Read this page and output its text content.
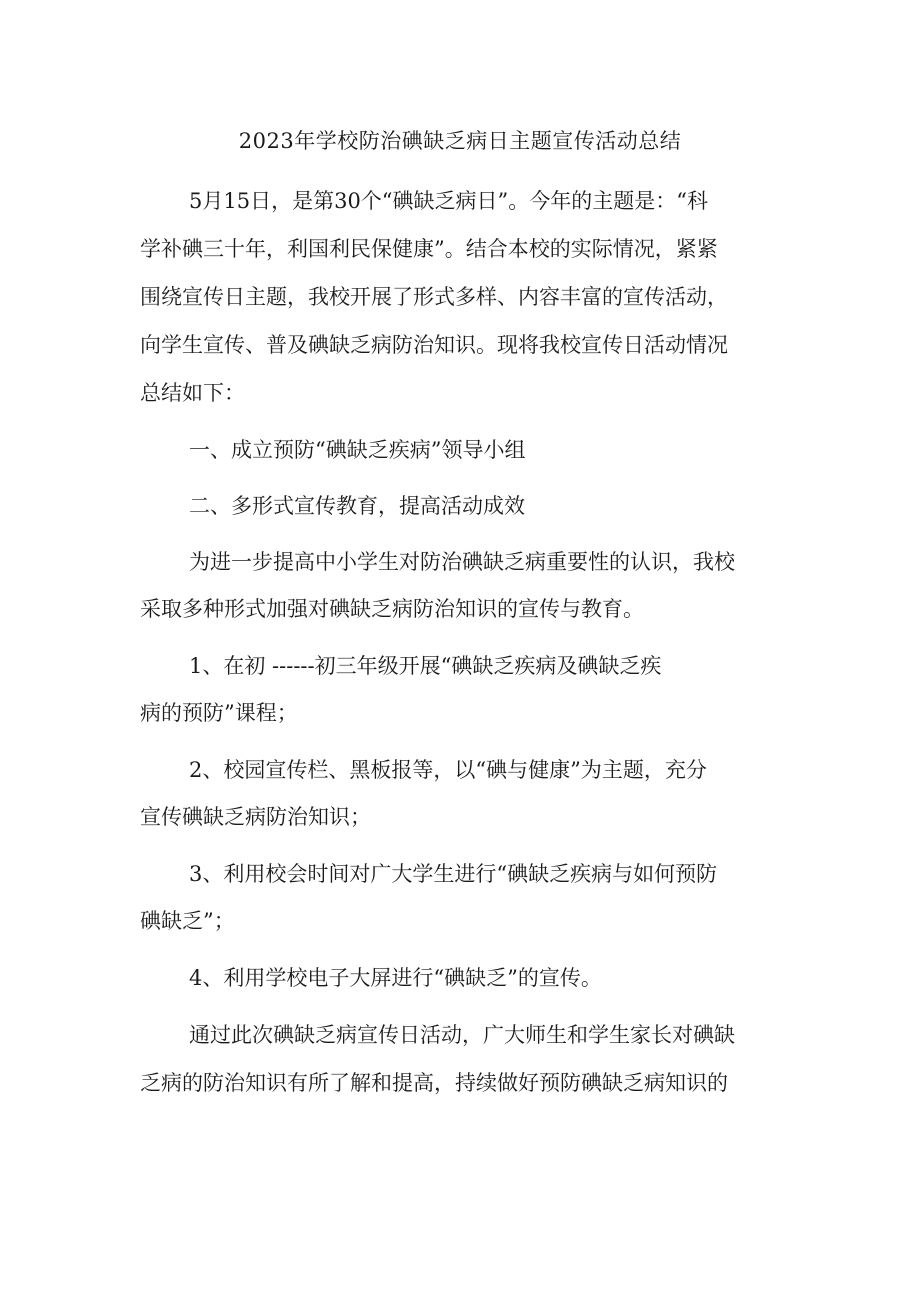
2023年学校防治碘缺乏病日主题宣传活动总结
5月15日，是第30个“碘缺乏病日”。今年的主题是：“科
学补碘三十年，利国利民保健康”。结合本校的实际情况，紧紧
围绕宣传日主题，我校开展了形式多样、内容丰富的宣传活动，
向学生宣传、普及碘缺乏病防治知识。现将我校宣传日活动情况
总结如下：
一、成立预防“碘缺乏疾病”领导小组
二、多形式宣传教育，提高活动成效
为进一步提高中小学生对防治碘缺乏病重要性的认识，我校
采取多种形式加强对碘缺乏病防治知识的宣传与教育。
1、在初 ------初三年级开展“碘缺乏疾病及碘缺乏疾
病的预防”课程；
2、校园宣传栏、黑板报等，以“碘与健康”为主题，充分
宣传碘缺乏病防治知识；
3、利用校会时间对广大学生进行“碘缺乏疾病与如何预防
碘缺乏”；
4、利用学校电子大屏进行“碘缺乏”的宣传。
通过此次碘缺乏病宣传日活动，广大师生和学生家长对碘缺
乏病的防治知识有所了解和提高，持续做好预防碘缺乏病知识的
